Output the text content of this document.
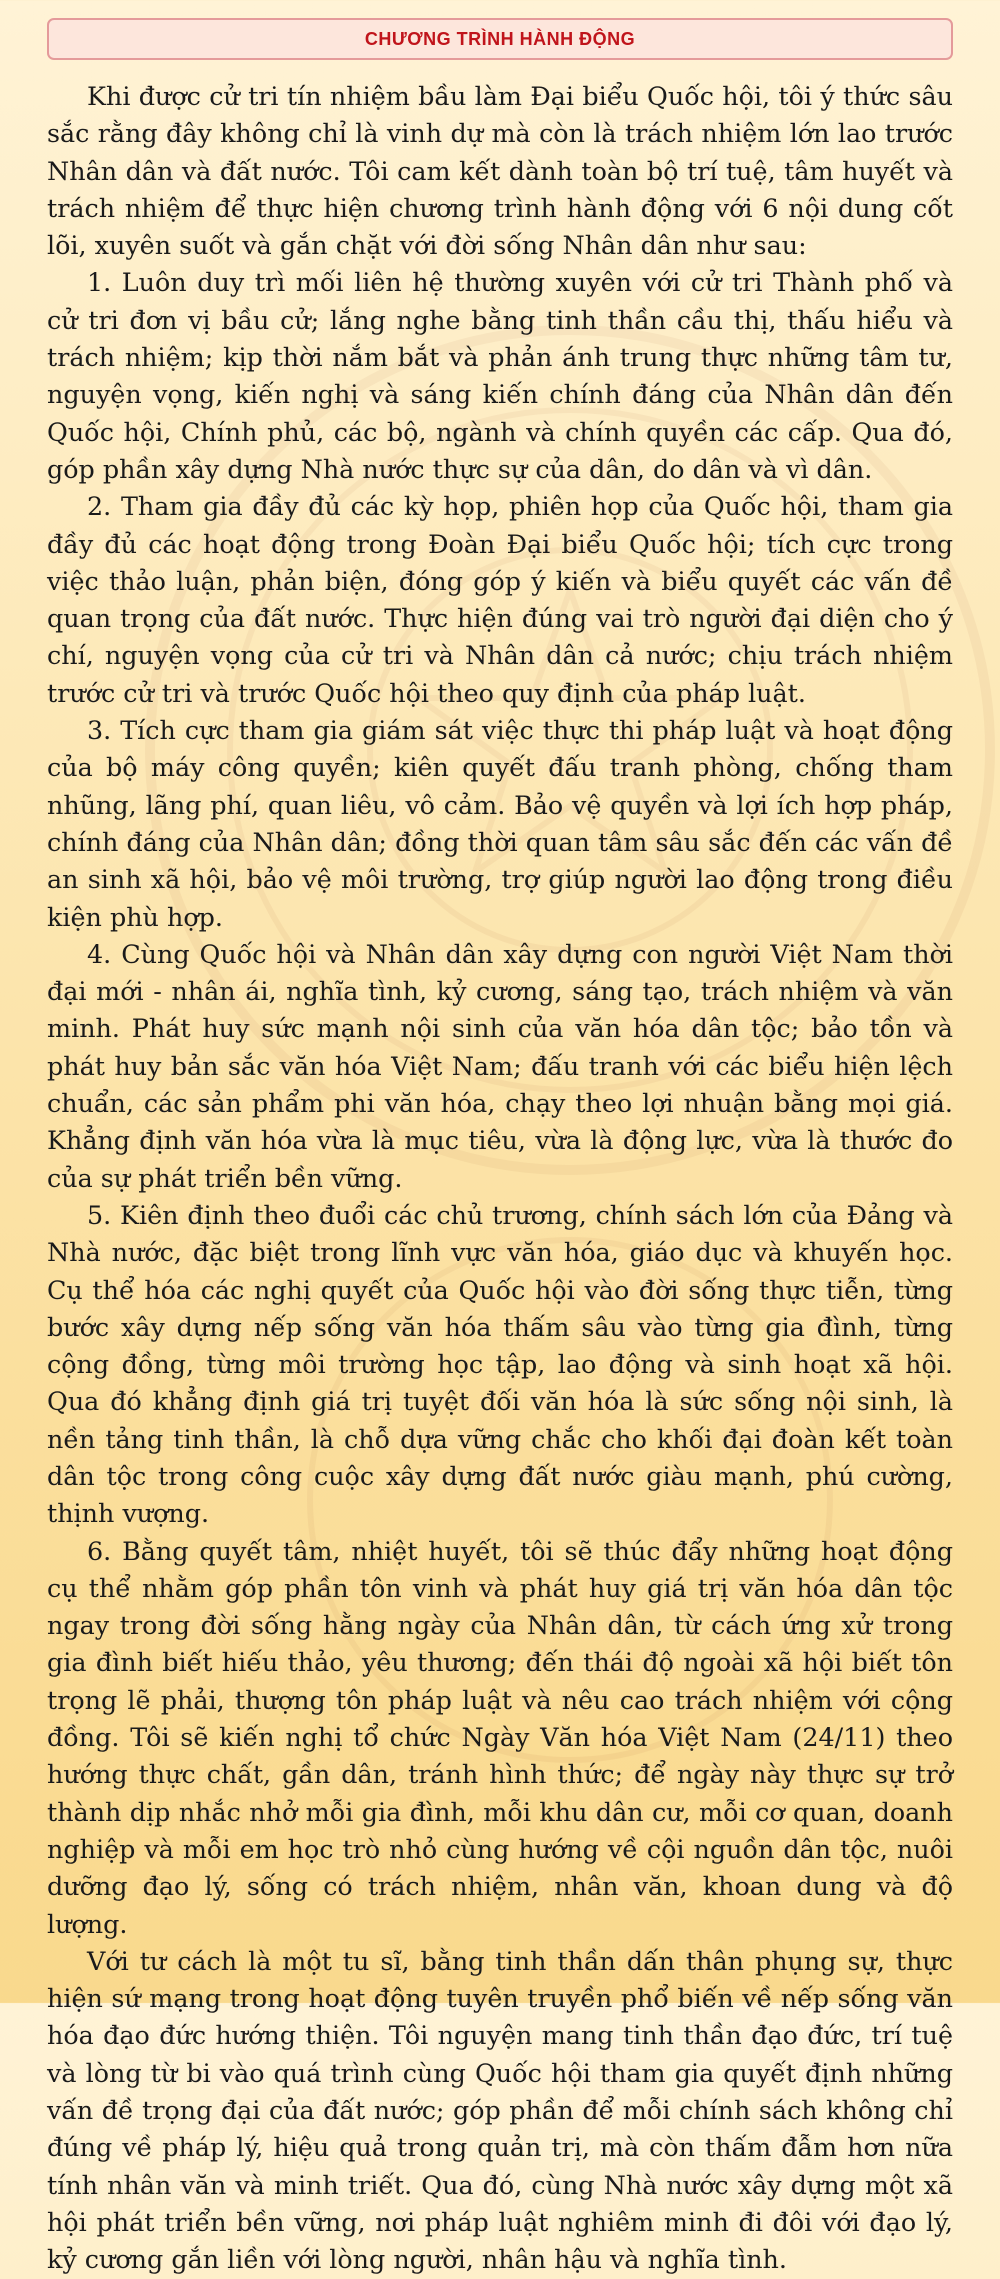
CHƯƠNG TRÌNH HÀNH ĐỘNG

Khi được cử tri tín nhiệm bầu làm Đại biểu Quốc hội, tôi ý thức sâu sắc rằng đây không chỉ là vinh dự mà còn là trách nhiệm lớn lao trước Nhân dân và đất nước. Tôi cam kết dành toàn bộ trí tuệ, tâm huyết và trách nhiệm để thực hiện chương trình hành động với 6 nội dung cốt lõi, xuyên suốt và gắn chặt với đời sống Nhân dân như sau:

1. Luôn duy trì mối liên hệ thường xuyên với cử tri Thành phố và cử tri đơn vị bầu cử; lắng nghe bằng tinh thần cầu thị, thấu hiểu và trách nhiệm; kịp thời nắm bắt và phản ánh trung thực những tâm tư, nguyện vọng, kiến nghị và sáng kiến chính đáng của Nhân dân đến Quốc hội, Chính phủ, các bộ, ngành và chính quyền các cấp. Qua đó, góp phần xây dựng Nhà nước thực sự của dân, do dân và vì dân.

2. Tham gia đầy đủ các kỳ họp, phiên họp của Quốc hội, tham gia đầy đủ các hoạt động trong Đoàn Đại biểu Quốc hội; tích cực trong việc thảo luận, phản biện, đóng góp ý kiến và biểu quyết các vấn đề quan trọng của đất nước. Thực hiện đúng vai trò người đại diện cho ý chí, nguyện vọng của cử tri và Nhân dân cả nước; chịu trách nhiệm trước cử tri và trước Quốc hội theo quy định của pháp luật.

3. Tích cực tham gia giám sát việc thực thi pháp luật và hoạt động của bộ máy công quyền; kiên quyết đấu tranh phòng, chống tham nhũng, lãng phí, quan liêu, vô cảm. Bảo vệ quyền và lợi ích hợp pháp, chính đáng của Nhân dân; đồng thời quan tâm sâu sắc đến các vấn đề an sinh xã hội, bảo vệ môi trường, trợ giúp người lao động trong điều kiện phù hợp.

4. Cùng Quốc hội và Nhân dân xây dựng con người Việt Nam thời đại mới - nhân ái, nghĩa tình, kỷ cương, sáng tạo, trách nhiệm và văn minh. Phát huy sức mạnh nội sinh của văn hóa dân tộc; bảo tồn và phát huy bản sắc văn hóa Việt Nam; đấu tranh với các biểu hiện lệch chuẩn, các sản phẩm phi văn hóa, chạy theo lợi nhuận bằng mọi giá. Khẳng định văn hóa vừa là mục tiêu, vừa là động lực, vừa là thước đo của sự phát triển bền vững.

5. Kiên định theo đuổi các chủ trương, chính sách lớn của Đảng và Nhà nước, đặc biệt trong lĩnh vực văn hóa, giáo dục và khuyến học. Cụ thể hóa các nghị quyết của Quốc hội vào đời sống thực tiễn, từng bước xây dựng nếp sống văn hóa thấm sâu vào từng gia đình, từng cộng đồng, từng môi trường học tập, lao động và sinh hoạt xã hội. Qua đó khẳng định giá trị tuyệt đối văn hóa là sức sống nội sinh, là nền tảng tinh thần, là chỗ dựa vững chắc cho khối đại đoàn kết toàn dân tộc trong công cuộc xây dựng đất nước giàu mạnh, phú cường, thịnh vượng.

6. Bằng quyết tâm, nhiệt huyết, tôi sẽ thúc đẩy những hoạt động cụ thể nhằm góp phần tôn vinh và phát huy giá trị văn hóa dân tộc ngay trong đời sống hằng ngày của Nhân dân, từ cách ứng xử trong gia đình biết hiếu thảo, yêu thương; đến thái độ ngoài xã hội biết tôn trọng lẽ phải, thượng tôn pháp luật và nêu cao trách nhiệm với cộng đồng. Tôi sẽ kiến nghị tổ chức Ngày Văn hóa Việt Nam (24/11) theo hướng thực chất, gần dân, tránh hình thức; để ngày này thực sự trở thành dịp nhắc nhở mỗi gia đình, mỗi khu dân cư, mỗi cơ quan, doanh nghiệp và mỗi em học trò nhỏ cùng hướng về cội nguồn dân tộc, nuôi dưỡng đạo lý, sống có trách nhiệm, nhân văn, khoan dung và độ lượng.

Với tư cách là một tu sĩ, bằng tinh thần dấn thân phụng sự, thực hiện sứ mạng trong hoạt động tuyên truyền phổ biến về nếp sống văn hóa đạo đức hướng thiện. Tôi nguyện mang tinh thần đạo đức, trí tuệ và lòng từ bi vào quá trình cùng Quốc hội tham gia quyết định những vấn đề trọng đại của đất nước; góp phần để mỗi chính sách không chỉ đúng về pháp lý, hiệu quả trong quản trị, mà còn thấm đẫm hơn nữa tính nhân văn và minh triết. Qua đó, cùng Nhà nước xây dựng một xã hội phát triển bền vững, nơi pháp luật nghiêm minh đi đôi với đạo lý, kỷ cương gắn liền với lòng người, nhân hậu và nghĩa tình.
